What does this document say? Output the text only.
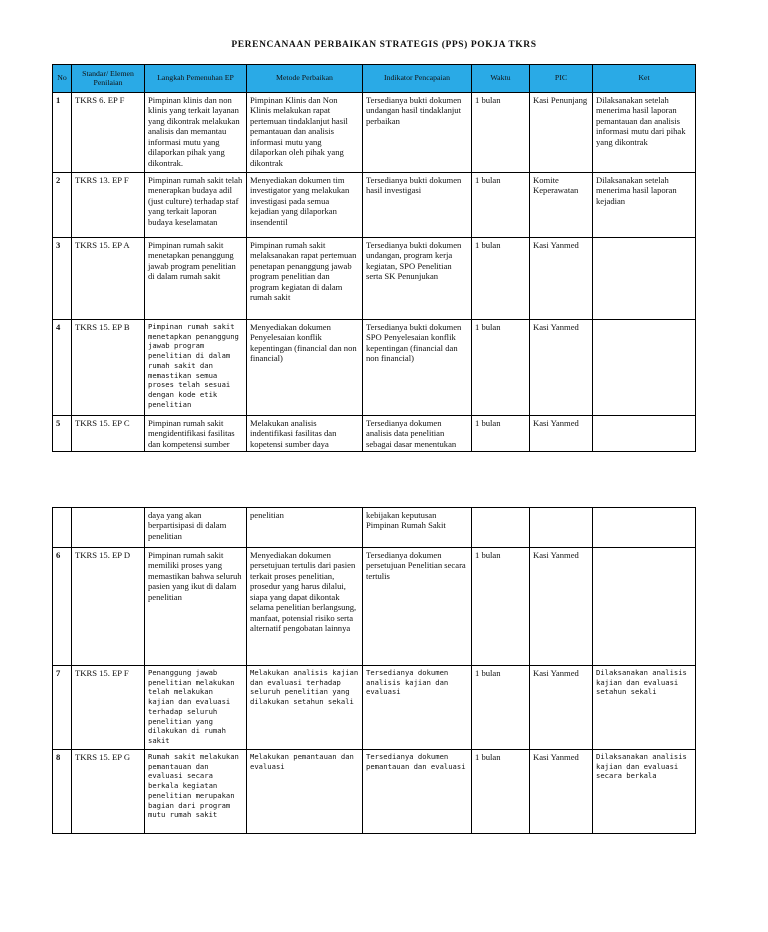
PERENCANAAN PERBAIKAN STRATEGIS (PPS) POKJA TKRS
No	Standar/ Elemen Penilaian	Langkah Pemenuhan EP	Metode Perbaikan	Indikator Pencapaian	Waktu	PIC	Ket
1	TKRS 6. EP F	Pimpinan klinis dan non klinis yang terkait layanan yang dikontrak melakukan analisis dan memantau informasi mutu yang dilaporkan pihak yang dikontrak.	Pimpinan Klinis dan Non Klinis melakukan rapat pertemuan tindaklanjut hasil pemantauan dan analisis informasi mutu yang dilaporkan oleh pihak yang dikontrak	Tersedianya bukti dokumen undangan hasil tindaklanjut perbaikan	1 bulan	Kasi Penunjang	Dilaksanakan setelah menerima hasil laporan pemantauan dan analisis informasi mutu dari pihak yang dikontrak
2	TKRS 13. EP F	Pimpinan rumah sakit telah menerapkan budaya adil (just culture) terhadap staf yang terkait laporan budaya keselamatan	Menyediakan dokumen tim investigator yang melakukan investigasi pada semua kejadian yang dilaporkan insendentil	Tersedianya bukti dokumen hasil investigasi	1 bulan	Komite Keperawatan	Dilaksanakan setelah menerima hasil laporan kejadian
3	TKRS 15. EP A	Pimpinan rumah sakit menetapkan penanggung jawab program penelitian di dalam rumah sakit	Pimpinan rumah sakit melaksanakan rapat pertemuan penetapan penanggung jawab program penelitian dan program kegiatan di dalam rumah sakit	Tersedianya bukti dokumen undangan, program kerja kegiatan, SPO Penelitian serta SK Penunjukan	1 bulan	Kasi Yanmed	
4	TKRS 15. EP B	Pimpinan rumah sakit menetapkan penanggung jawab program penelitian di dalam rumah sakit dan memastikan semua proses telah sesuai dengan kode etik penelitian	Menyediakan dokumen Penyelesaian konflik kepentingan (financial dan non financial)	Tersedianya bukti dokumen SPO Penyelesaian konflik kepentingan (financial dan non financial)	1 bulan	Kasi Yanmed	
5	TKRS 15. EP C	Pimpinan rumah sakit mengidentifikasi fasilitas dan kompetensi sumber	Melakukan analisis indentifikasi fasilitas dan kopetensi sumber daya	Tersedianya dokumen analisis data penelitian sebagai dasar menentukan	1 bulan	Kasi Yanmed	
		daya yang akan berpartisipasi di dalam penelitian	penelitian	kebijakan keputusan Pimpinan Rumah Sakit			
6	TKRS 15. EP D	Pimpinan rumah sakit memiliki proses yang memastikan bahwa seluruh pasien yang ikut di dalam penelitian	Menyediakan dokumen persetujuan tertulis dari pasien terkait proses penelitian, prosedur yang harus dilalui, siapa yang dapat dikontak selama penelitian berlangsung, manfaat, potensial risiko serta alternatif pengobatan lainnya	Tersedianya dokumen persetujuan Penelitian secara tertulis	1 bulan	Kasi Yanmed	
7	TKRS 15. EP F	Penanggung jawab penelitian melakukan telah melakukan kajian dan evaluasi terhadap seluruh penelitian yang dilakukan di rumah sakit	Melakukan analisis kajian dan evaluasi terhadap seluruh penelitian yang dilakukan setahun sekali	Tersedianya dokumen analisis kajian dan evaluasi	1 bulan	Kasi Yanmed	Dilaksanakan analisis kajian dan evaluasi setahun sekali
8	TKRS 15. EP G	Rumah sakit melakukan pemantauan dan evaluasi secara berkala kegiatan penelitian merupakan bagian dari program mutu rumah sakit	Melakukan pemantauan dan evaluasi	Tersedianya dokumen pemantauan dan evaluasi	1 bulan	Kasi Yanmed	Dilaksanakan analisis kajian dan evaluasi secara berkala
